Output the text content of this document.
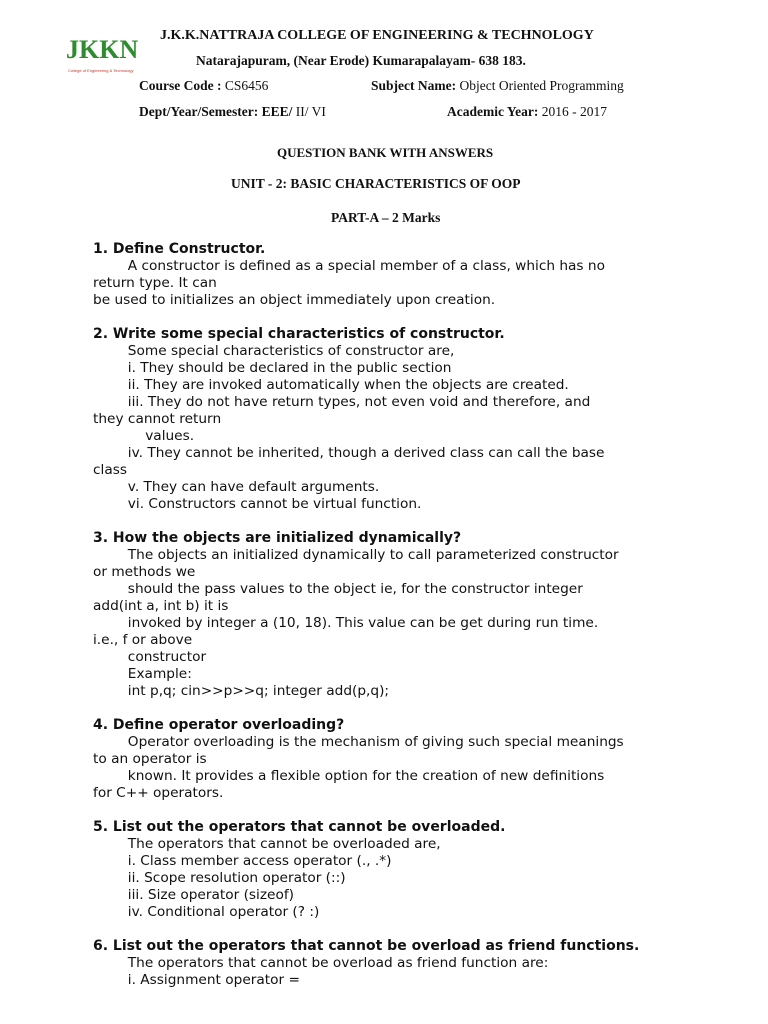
JKKN
College of Engineering & Technology
J.K.K.NATTRAJA COLLEGE OF ENGINEERING & TECHNOLOGY
Natarajapuram, (Near Erode) Kumarapalayam- 638 183.
Course Code : CS6456	Subject Name: Object Oriented Programming
Dept/Year/Semester: EEE/ II/ VI	Academic Year: 2016 - 2017
QUESTION BANK WITH ANSWERS
UNIT - 2: BASIC CHARACTERISTICS OF OOP
PART-A – 2 Marks
1. Define Constructor.
A constructor is defined as a special member of a class, which has no
return type. It can
be used to initializes an object immediately upon creation.
2. Write some special characteristics of constructor.
Some special characteristics of constructor are,
i. They should be declared in the public section
ii. They are invoked automatically when the objects are created.
iii. They do not have return types, not even void and therefore, and
they cannot return
values.
iv. They cannot be inherited, though a derived class can call the base
class
v. They can have default arguments.
vi. Constructors cannot be virtual function.
3. How the objects are initialized dynamically?
The objects an initialized dynamically to call parameterized constructor
or methods we
should the pass values to the object ie, for the constructor integer
add(int a, int b) it is
invoked by integer a (10, 18). This value can be get during run time.
i.e., f or above
constructor
Example:
int p,q; cin>>p>>q; integer add(p,q);
4. Define operator overloading?
Operator overloading is the mechanism of giving such special meanings
to an operator is
known. It provides a flexible option for the creation of new definitions
for C++ operators.
5. List out the operators that cannot be overloaded.
The operators that cannot be overloaded are,
i. Class member access operator (., .*)
ii. Scope resolution operator (::)
iii. Size operator (sizeof)
iv. Conditional operator (? :)
6. List out the operators that cannot be overload as friend functions.
The operators that cannot be overload as friend function are:
i. Assignment operator =
